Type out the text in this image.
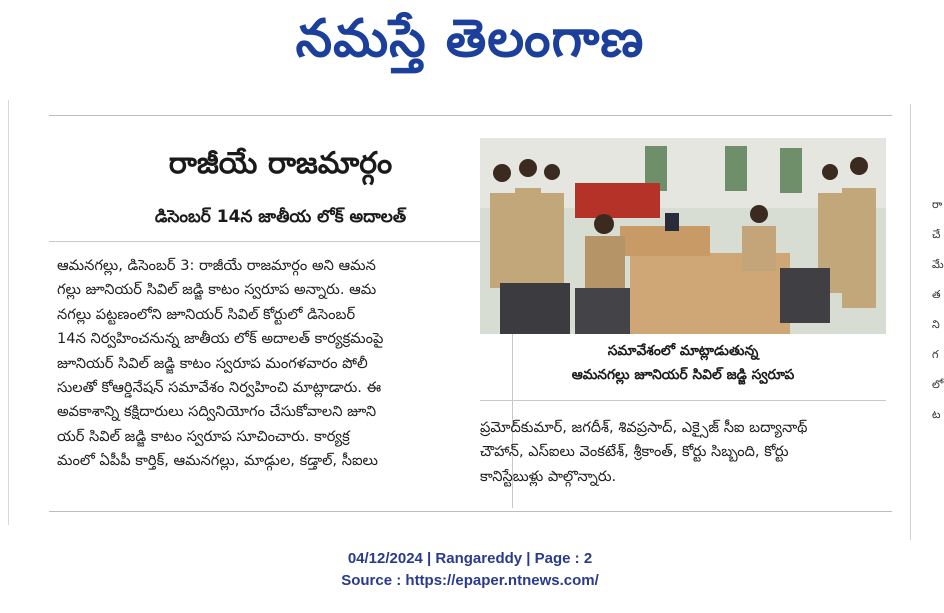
నమస్తే తెలంగాణ
రా
చే
మే
త
ని
గ
లో
ట
రాజీయే రాజమార్గం
డిసెంబర్ 14న జాతీయ లోక్ అదాలత్
ఆమనగల్లు, డిసెంబర్ 3: రాజీయే రాజమార్గం అని ఆమన
గల్లు జూనియర్ సివిల్ జడ్జి కాటం స్వరూప అన్నారు. ఆమ
నగల్లు పట్టణంలోని జూనియర్ సివిల్ కోర్టులో డిసెంబర్
14న నిర్వహించనున్న జాతీయ లోక్ అదాలత్ కార్యక్రమంపై
జూనియర్ సివిల్ జడ్జి కాటం స్వరూప మంగళవారం పోలీ
సులతో కోఆర్డినేషన్ సమావేశం నిర్వహించి మాట్లాడారు. ఈ
అవకాశాన్ని కక్షిదారులు సద్వినియోగం చేసుకోవాలని జూని
యర్ సివిల్ జడ్జి కాటం స్వరూప సూచించారు. కార్యక్ర
మంలో ఏపీపీ కార్తిక్, ఆమనగల్లు, మాడ్గుల, కడ్తాల్, సీఐలు
సమావేశంలో మాట్లాడుతున్న
ఆమనగల్లు జూనియర్ సివిల్ జడ్జి స్వరూప
ప్రమోద్‌కుమార్, జగదీశ్, శివప్రసాద్, ఎక్సైజ్ సీఐ బద్యానాథ్
చౌహాన్, ఎస్‌ఐలు వెంకటేశ్, శ్రీకాంత్, కోర్టు సిబ్బంది, కోర్టు
కానిస్టేబుళ్లు పాల్గొన్నారు.
04/12/2024 | Rangareddy | Page : 2
Source : https://epaper.ntnews.com/
